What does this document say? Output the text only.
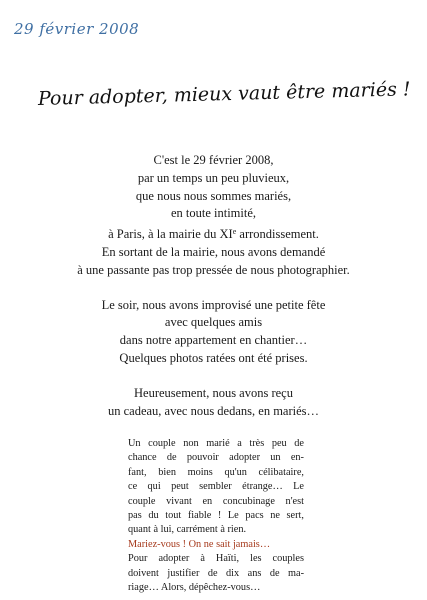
29 février 2008
Pour adopter, mieux vaut être mariés !

C'est le 29 février 2008,
par un temps un peu pluvieux,
que nous nous sommes mariés,
en toute intimité,
à Paris, à la mairie du XIe arrondissement.
En sortant de la mairie, nous avons demandé
à une passante pas trop pressée de nous photographier.

Le soir, nous avons improvisé une petite fête
avec quelques amis
dans notre appartement en chantier…
Quelques photos ratées ont été prises.

Heureusement, nous avons reçu
un cadeau, avec nous dedans, en mariés…

Un couple non marié a très peu de
chance de pouvoir adopter un en-
fant, bien moins qu'un célibataire,
ce qui peut sembler étrange… Le
couple vivant en concubinage n'est
pas du tout fiable ! Le pacs ne sert,
quant à lui, carrément à rien.
Mariez-vous ! On ne sait jamais…
Pour adopter à Haïti, les couples
doivent justifier de dix ans de ma-
riage… Alors, dépêchez-vous…
